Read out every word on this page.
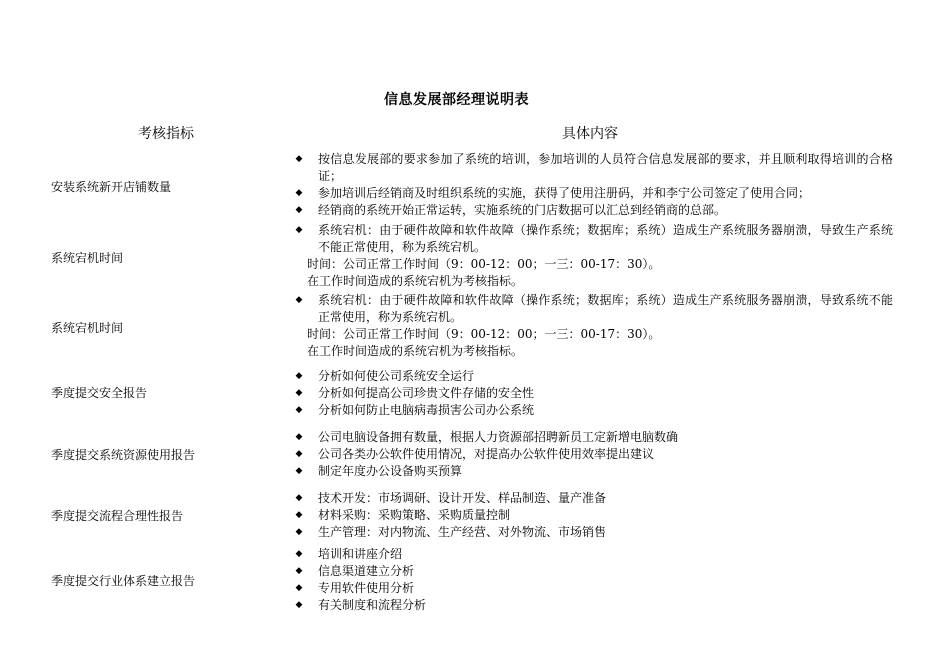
信息发展部经理说明表
考核指标	具体内容
安装系统新开店铺数量
◆ 按信息发展部的要求参加了系统的培训，参加培训的人员符合信息发展部的要求，并且顺利取得培训的合格证；
◆ 参加培训后经销商及时组织系统的实施，获得了使用注册码，并和李宁公司签定了使用合同；
◆ 经销商的系统开始正常运转，实施系统的门店数据可以汇总到经销商的总部。
系统宕机时间
◆ 系统宕机：由于硬件故障和软件故障（操作系统；数据库；系统）造成生产系统服务器崩溃，导致生产系统不能正常使用，称为系统宕机。
时间：公司正常工作时间（9：00-12：00；一三：00-17：30）。
在工作时间造成的系统宕机为考核指标。
系统宕机时间
◆ 系统宕机：由于硬件故障和软件故障（操作系统；数据库；系统）造成生产系统服务器崩溃，导致系统不能正常使用，称为系统宕机。
时间：公司正常工作时间（9：00-12：00；一三：00-17：30）。
在工作时间造成的系统宕机为考核指标。
季度提交安全报告
◆ 分析如何使公司系统安全运行
◆ 分析如何提高公司珍贵文件存储的安全性
◆ 分析如何防止电脑病毒损害公司办公系统
季度提交系统资源使用报告
◆ 公司电脑设备拥有数量，根据人力资源部招聘新员工定新增电脑数确
◆ 公司各类办公软件使用情况，对提高办公软件使用效率提出建议
◆ 制定年度办公设备购买预算
季度提交流程合理性报告
◆ 技术开发：市场调研、设计开发、样品制造、量产准备
◆ 材料采购：采购策略、采购质量控制
◆ 生产管理：对内物流、生产经营、对外物流、市场销售
季度提交行业体系建立报告
◆ 培训和讲座介绍
◆ 信息渠道建立分析
◆ 专用软件使用分析
◆ 有关制度和流程分析
